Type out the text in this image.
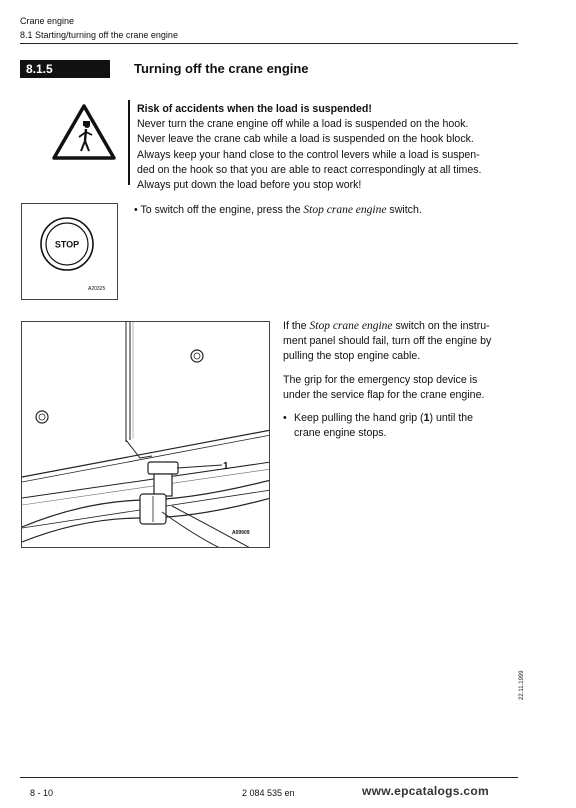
Crane engine
8.1 Starting/turning off the crane engine
8.1.5	Turning off the crane engine

Risk of accidents when the load is suspended!

Never turn the crane engine off while a load is suspended on the hook.

Never leave the crane cab while a load is suspended on the hook block.

Always keep your hand close to the control levers while a load is suspen-

ded on the hook so that you are able to react correspondingly at all times.

Always put down the load before you stop work!

STOP
A20325
• To switch off the engine, press the Stop crane engine switch.
1
A09909

If the Stop crane engine switch on the instru-
ment panel should fail, turn off the engine by
pulling the stop engine cable.

The grip for the emergency stop device is
under the service flap for the crane engine.

• Keep pulling the hand grip (1) until the
crane engine stops.
22.11.1999
8 - 10	2 084 535 en	www.epcatalogs.com
